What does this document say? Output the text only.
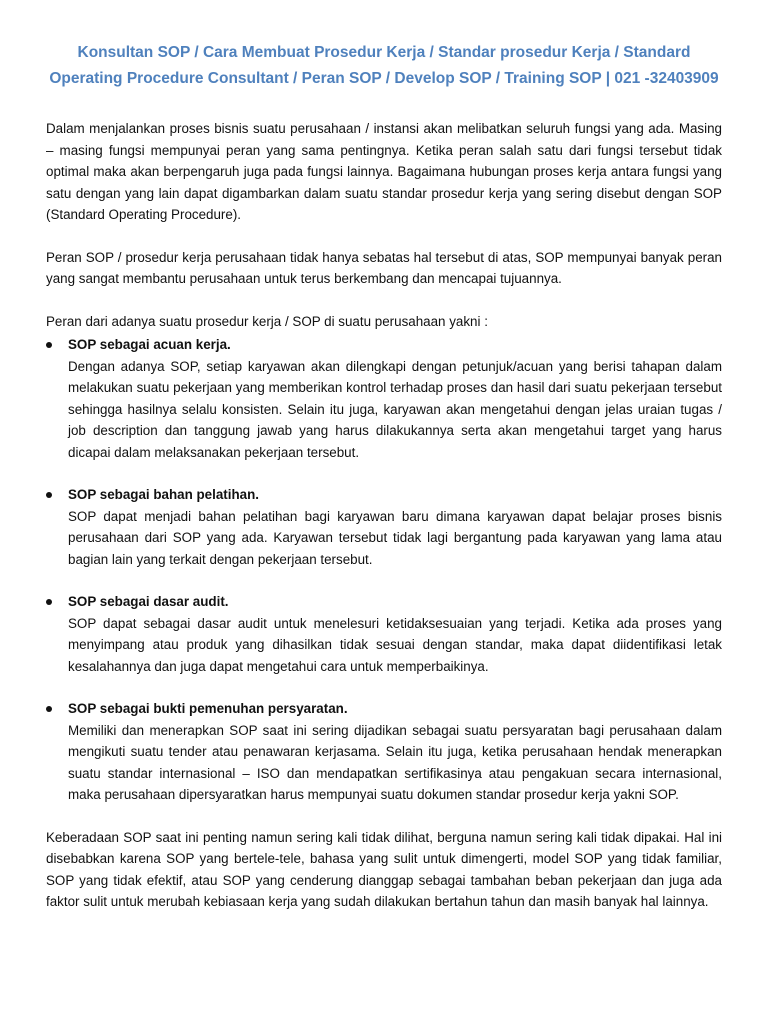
Konsultan SOP / Cara Membuat Prosedur Kerja / Standar prosedur Kerja / Standard Operating Procedure Consultant / Peran SOP / Develop SOP / Training SOP | 021 -32403909

Dalam menjalankan proses bisnis suatu perusahaan / instansi akan melibatkan seluruh fungsi yang ada. Masing – masing fungsi mempunyai peran yang sama pentingnya. Ketika peran salah satu dari fungsi tersebut tidak optimal maka akan berpengaruh juga pada fungsi lainnya. Bagaimana hubungan proses kerja antara fungsi yang satu dengan yang lain dapat digambarkan dalam suatu standar prosedur kerja yang sering disebut dengan SOP (Standard Operating Procedure).

Peran SOP / prosedur kerja perusahaan tidak hanya sebatas hal tersebut di atas, SOP mempunyai banyak peran yang sangat membantu perusahaan untuk terus berkembang dan mencapai tujuannya.

Peran dari adanya suatu prosedur kerja / SOP di suatu perusahaan yakni :

SOP sebagai acuan kerja.
Dengan adanya SOP, setiap karyawan akan dilengkapi dengan petunjuk/acuan yang berisi tahapan dalam melakukan suatu pekerjaan yang memberikan kontrol terhadap proses dan hasil dari suatu pekerjaan tersebut sehingga hasilnya selalu konsisten. Selain itu juga, karyawan akan mengetahui dengan jelas uraian tugas / job description dan tanggung jawab yang harus dilakukannya serta akan mengetahui target yang harus dicapai dalam melaksanakan pekerjaan tersebut.
SOP sebagai bahan pelatihan.
SOP dapat menjadi bahan pelatihan bagi karyawan baru dimana karyawan dapat belajar proses bisnis perusahaan dari SOP yang ada. Karyawan tersebut tidak lagi bergantung pada karyawan yang lama atau bagian lain yang terkait dengan pekerjaan tersebut.
SOP sebagai dasar audit.
SOP dapat sebagai dasar audit untuk menelesuri ketidaksesuaian yang terjadi. Ketika ada proses yang menyimpang atau produk yang dihasilkan tidak sesuai dengan standar, maka dapat diidentifikasi letak kesalahannya dan juga dapat mengetahui cara untuk memperbaikinya.
SOP sebagai bukti pemenuhan persyaratan.
Memiliki dan menerapkan SOP saat ini sering dijadikan sebagai suatu persyaratan bagi perusahaan dalam mengikuti suatu tender atau penawaran kerjasama. Selain itu juga, ketika perusahaan hendak menerapkan suatu standar internasional – ISO dan mendapatkan sertifikasinya atau pengakuan secara internasional, maka perusahaan dipersyaratkan harus mempunyai suatu dokumen standar prosedur kerja yakni SOP.

Keberadaan SOP saat ini penting namun sering kali tidak dilihat, berguna namun sering kali tidak dipakai. Hal ini disebabkan karena SOP yang bertele-tele, bahasa yang sulit untuk dimengerti, model SOP yang tidak familiar, SOP yang tidak efektif, atau SOP yang cenderung dianggap sebagai tambahan beban pekerjaan dan juga ada faktor sulit untuk merubah kebiasaan kerja yang sudah dilakukan bertahun tahun dan masih banyak hal lainnya.
